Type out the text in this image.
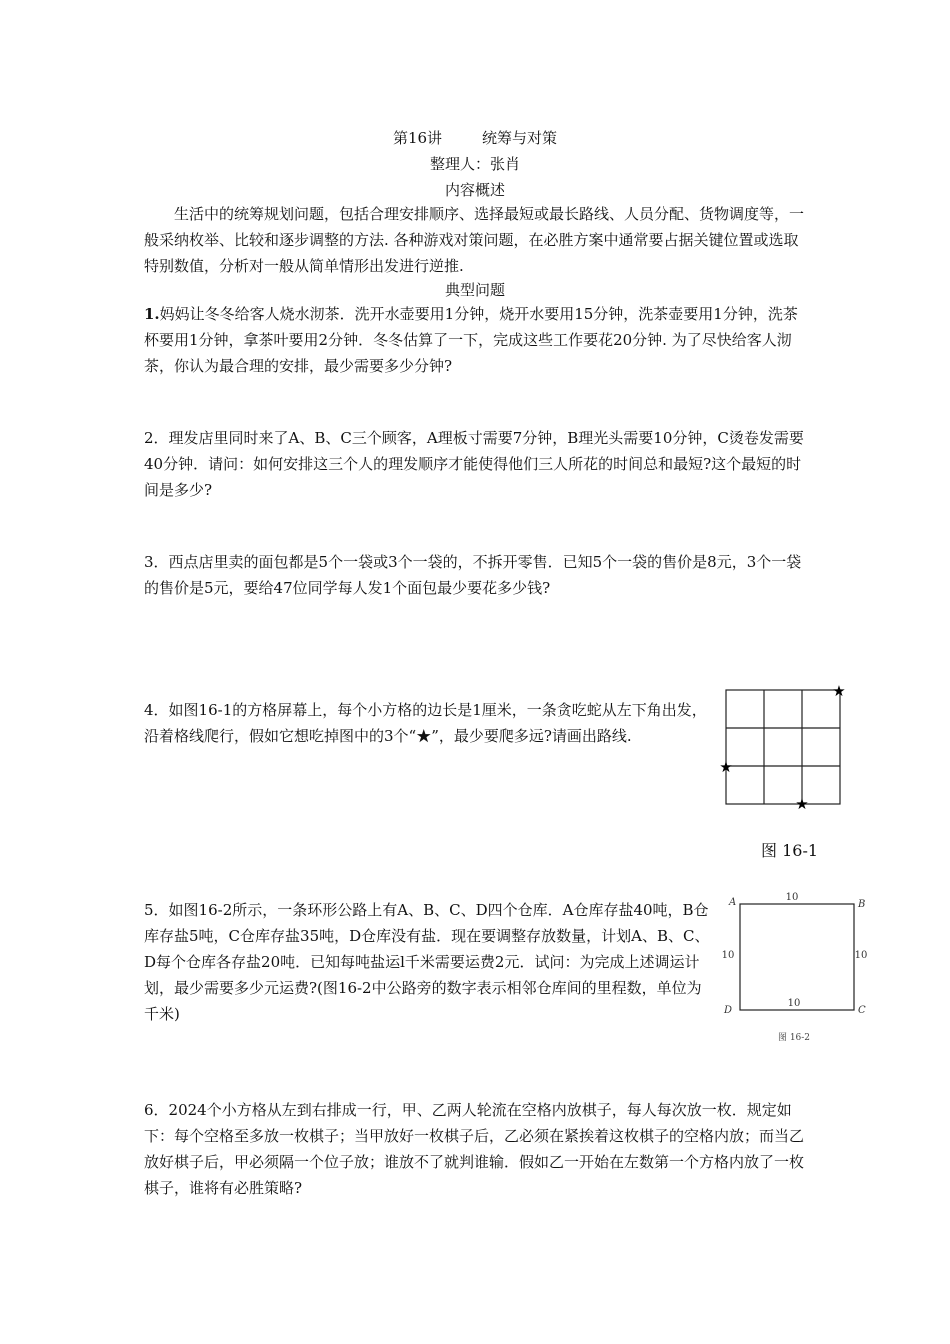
第16讲	统筹与对策
整理人：张肖
内容概述
生活中的统筹规划问题，包括合理安排顺序、选择最短或最长路线、人员分配、货物调度等，一般采纳枚举、比较和逐步调整的方法. 各种游戏对策问题，在必胜方案中通常要占据关键位置或选取特别数值，分析对一般从简单情形出发进行逆推.
典型问题
1.妈妈让冬冬给客人烧水沏茶．洗开水壶要用1分钟，烧开水要用15分钟，洗茶壶要用1分钟，洗茶杯要用1分钟，拿茶叶要用2分钟．冬冬估算了一下，完成这些工作要花20分钟. 为了尽快给客人沏茶，你认为最合理的安排，最少需要多少分钟?
2．理发店里同时来了A、B、C三个顾客，A理板寸需要7分钟，B理光头需要10分钟，C烫卷发需要40分钟．请问：如何安排这三个人的理发顺序才能使得他们三人所花的时间总和最短?这个最短的时间是多少?
3．西点店里卖的面包都是5个一袋或3个一袋的，不拆开零售．已知5个一袋的售价是8元，3个一袋的售价是5元，要给47位同学每人发1个面包最少要花多少钱?
4．如图16-1的方格屏幕上，每个小方格的边长是1厘米，一条贪吃蛇从左下角出发，沿着格线爬行，假如它想吃掉图中的3个“★”，最少要爬多远?请画出路线.
★
★
★
图 16-1
5．如图16-2所示，一条环形公路上有A、B、C、D四个仓库．A仓库存盐40吨，B仓库存盐5吨，C仓库存盐35吨，D仓库没有盐．现在要调整存放数量，计划A、B、C、D每个仓库各存盐20吨．已知每吨盐运l千米需要运费2元．试问：为完成上述调运计划，最少需要多少元运费?(图16-2中公路旁的数字表示相邻仓库间的里程数，单位为千米)
A	B
C
D
10
10	10
10
图 16-2
6．2024个小方格从左到右排成一行，甲、乙两人轮流在空格内放棋子，每人每次放一枚．规定如下：每个空格至多放一枚棋子；当甲放好一枚棋子后，乙必须在紧挨着这枚棋子的空格内放；而当乙放好棋子后，甲必须隔一个位子放；谁放不了就判谁输．假如乙一开始在左数第一个方格内放了一枚棋子，谁将有必胜策略?
